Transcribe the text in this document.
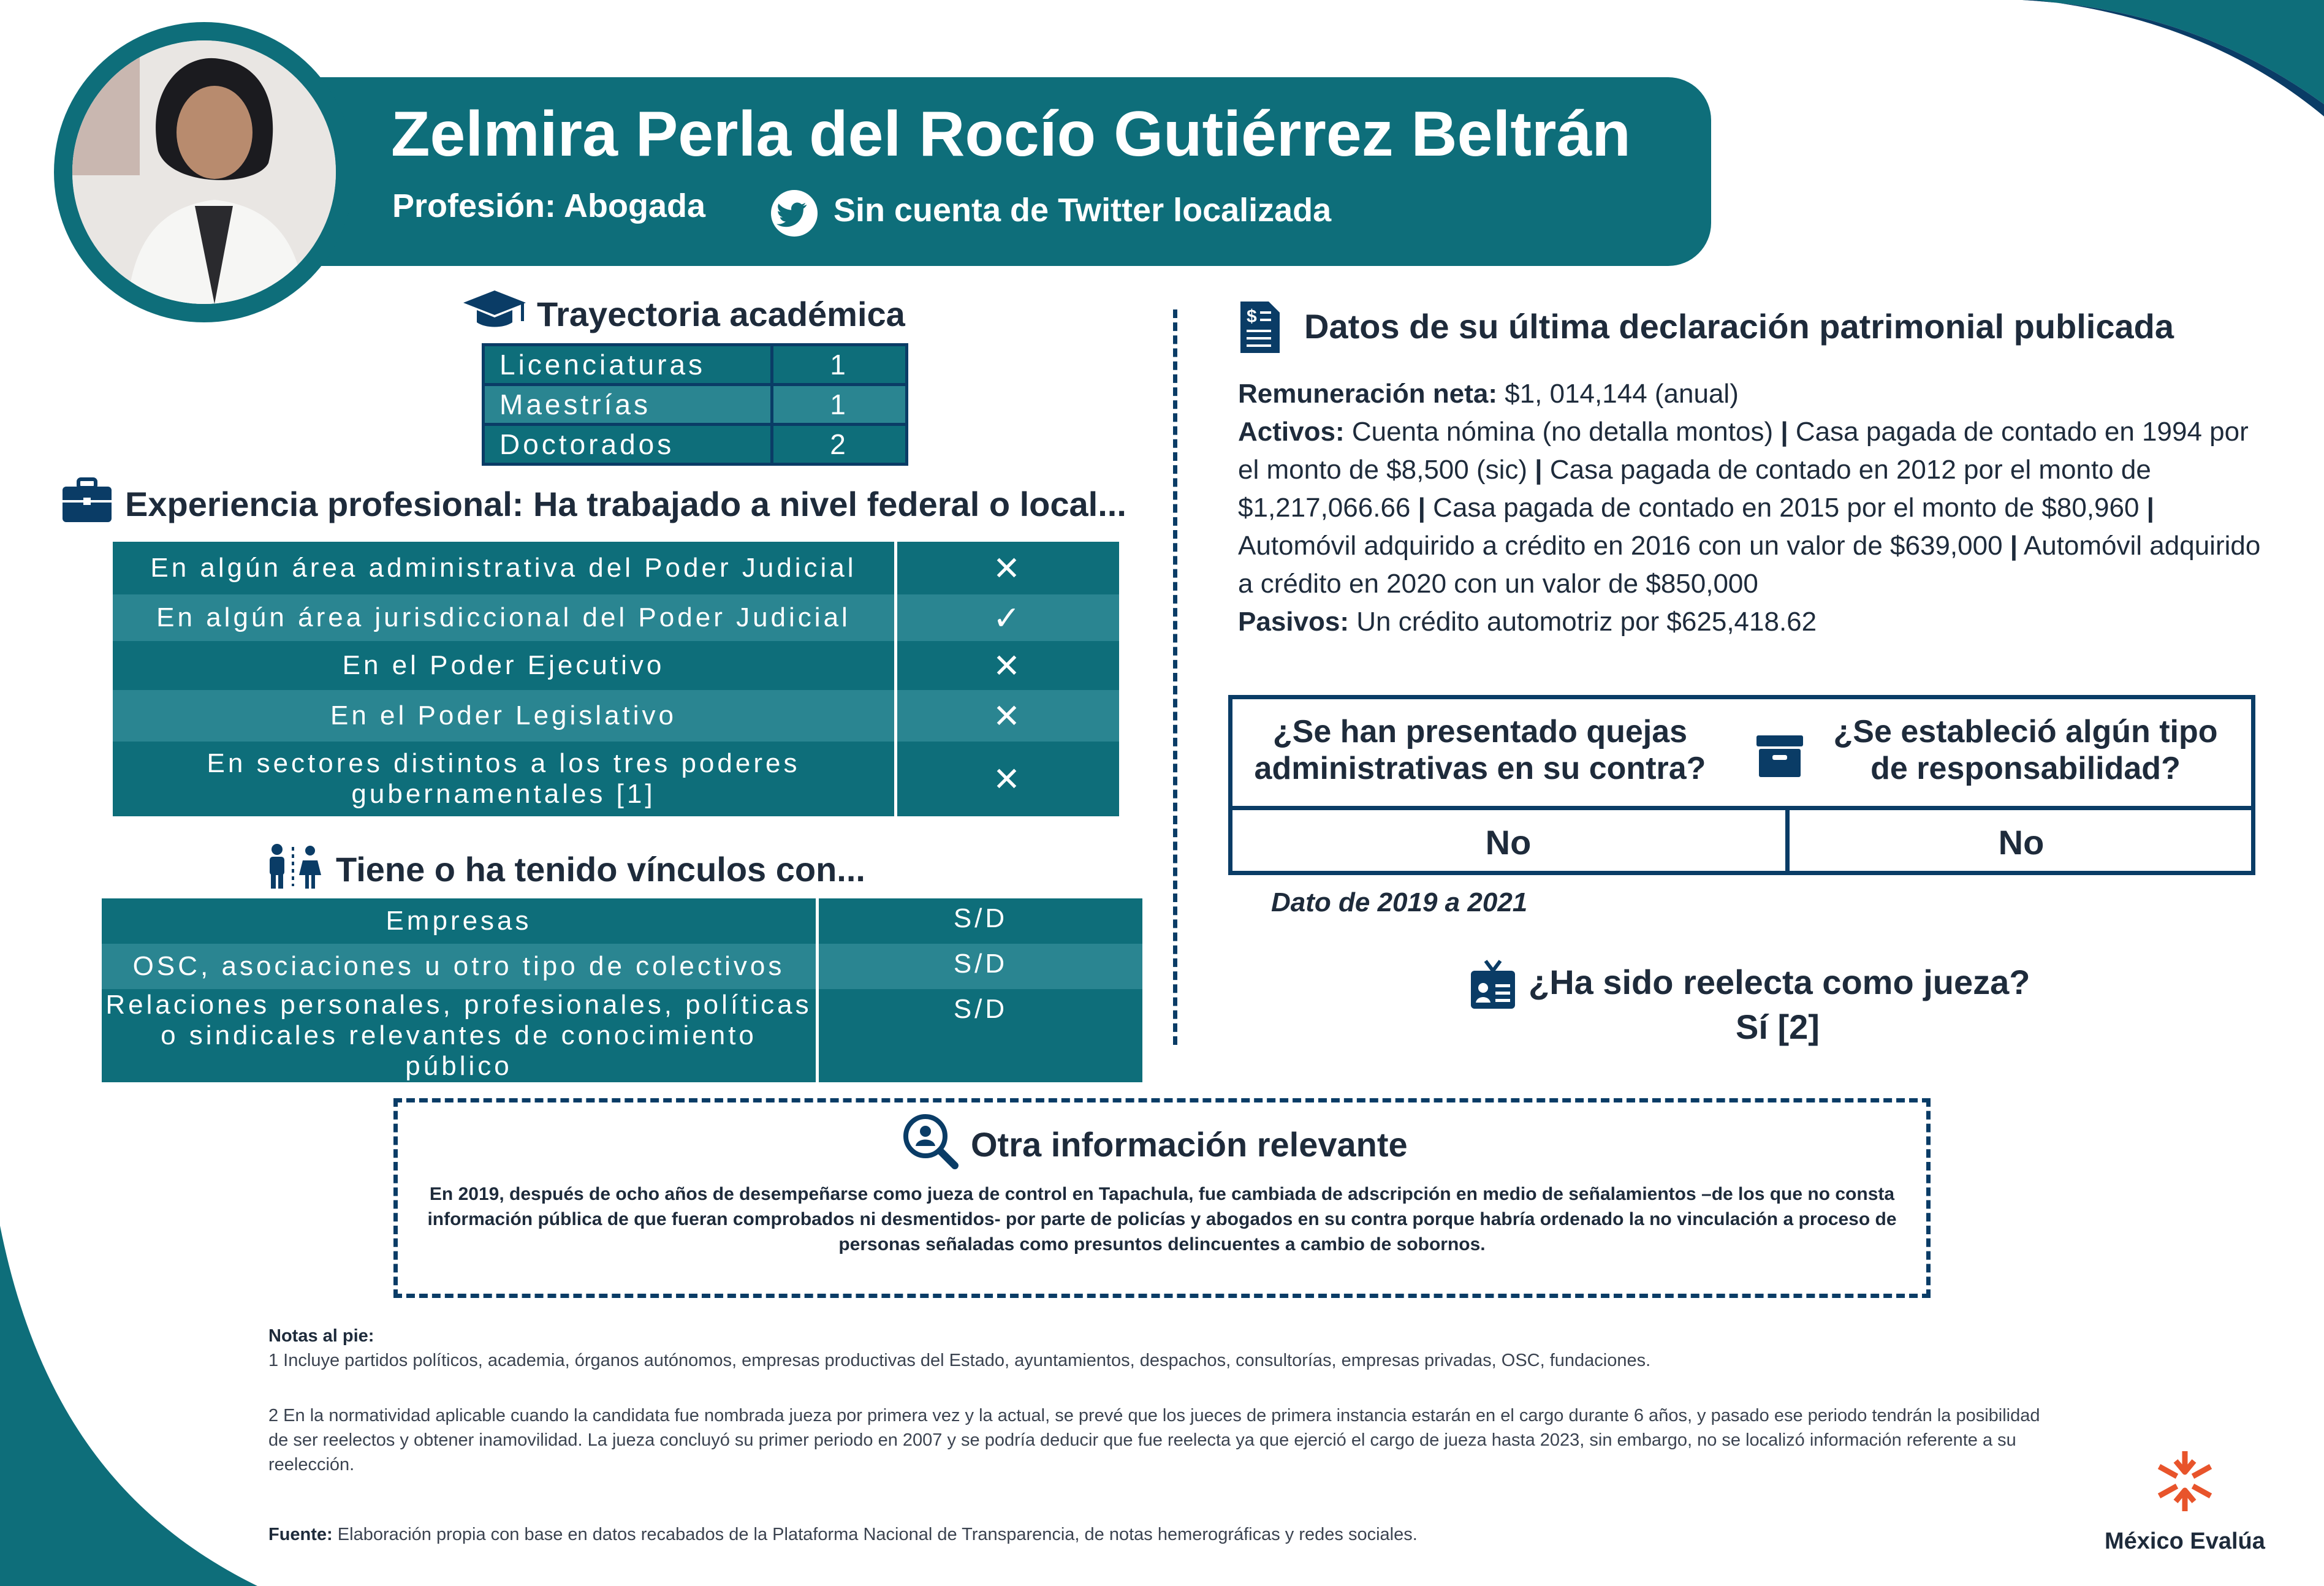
Zelmira Perla del Rocío Gutiérrez Beltrán
Profesión: Abogada	Sin cuenta de Twitter localizada
Trayectoria académica
Licenciaturas	1
Maestrías	1
Doctorados	2
Experiencia profesional: Ha trabajado a nivel federal o local...
En algún área administrativa del Poder Judicial	✕
En algún área jurisdiccional del Poder Judicial	✓
En el Poder Ejecutivo	✕
En el Poder Legislativo	✕

En sectores distintos a los tres poderes
gubernamentales [1]	✕
Tiene o ha tenido vínculos con...
Empresas	S/D
OSC, asociaciones u otro tipo de colectivos	S/D

Relaciones personales, profesionales, políticas
o sindicales relevantes de conocimiento público	S/D
$ Datos de su última declaración patrimonial publicada
Remuneración neta: $1, 014,144 (anual)
Activos: Cuenta nómina (no detalla montos) | Casa pagada de contado en 1994 por el monto de $8,500 (sic) | Casa pagada de contado en 2012 por el monto de $1,217,066.66 | Casa pagada de contado en 2015 por el monto de $80,960 | Automóvil adquirido a crédito en 2016 con un valor de $639,000 | Automóvil adquirido a crédito en 2020 con un valor de $850,000
Pasivos: Un crédito automotriz por $625,418.62
¿Se han presentado quejas
administrativas en su contra?
¿Se estableció algún tipo
de responsabilidad?
No	No
Dato de 2019 a 2021
¿Ha sido reelecta como jueza?
Sí [2]
Otra información relevante
En 2019, después de ocho años de desempeñarse como jueza de control en Tapachula, fue cambiada de adscripción en medio de señalamientos –de los que no consta información pública de que fueran comprobados ni desmentidos- por parte de policías y abogados en su contra porque habría ordenado la no vinculación a proceso de personas señaladas como presuntos delincuentes a cambio de sobornos.
Notas al pie:
1 Incluye partidos políticos, academia, órganos autónomos, empresas productivas del Estado, ayuntamientos, despachos, consultorías, empresas privadas, OSC, fundaciones.
2 En la normatividad aplicable cuando la candidata fue nombrada jueza por primera vez y la actual, se prevé que los jueces de primera instancia estarán en el cargo durante 6 años, y pasado ese periodo tendrán la posibilidad de ser reelectos y obtener inamovilidad. La jueza concluyó su primer periodo en 2007 y se podría deducir que fue reelecta ya que ejerció el cargo de jueza hasta 2023, sin embargo, no se localizó información referente a su reelección.
Fuente: Elaboración propia con base en datos recabados de la Plataforma Nacional de Transparencia, de notas hemerográficas y redes sociales.	México Evalúa
